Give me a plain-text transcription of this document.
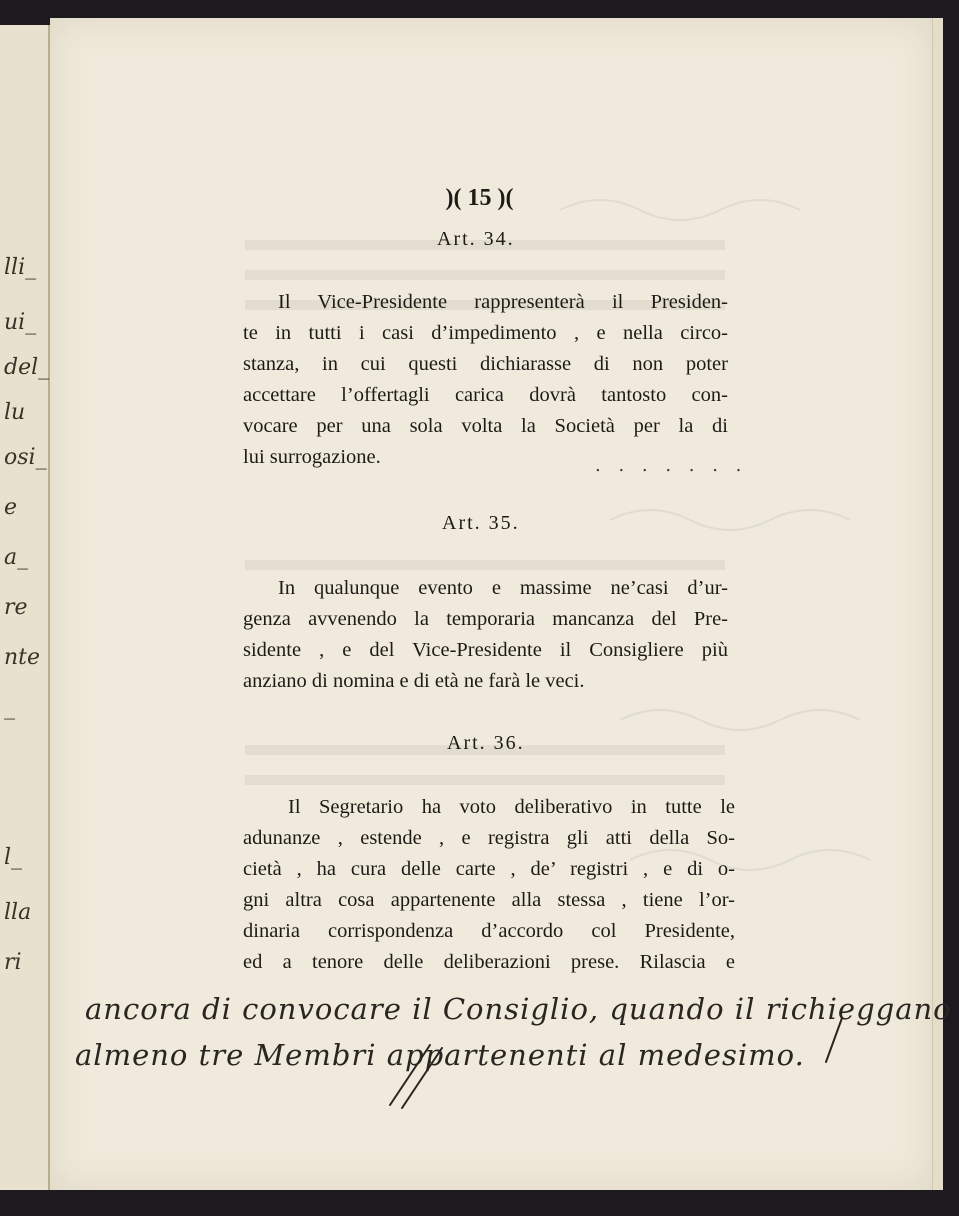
lli_
ui_
del_
lu
osi_
e
a_
re
nte
_
l_
lla
ri
)( 15 )(
Art. 34.
Il Vice-Presidente rappresenterà il Presiden-
te in tutti i casi d’impedimento , e nella circo-
stanza, in cui questi dichiarasse di non poter
accettare l’offertagli carica dovrà tantosto con-
vocare per una sola volta la Società per la di
lui surrogazione.	. . . . . . .
Art. 35.
In qualunque evento e massime ne’casi d’ur-
genza avvenendo la temporaria mancanza del Pre-
sidente , e del Vice-Presidente il Consigliere più
anziano di nomina e di età ne farà le veci.
Art. 36.
Il Segretario ha voto deliberativo in tutte le
adunanze , estende , e registra gli atti della So-
cietà , ha cura delle carte , de’ registri , e di o-
gni altra cosa appartenente alla stessa , tiene l’or-
dinaria corrispondenza d’accordo col Presidente,
ed a tenore delle deliberazioni prese. Rilascia e
ancora di convocare il Consiglio, quando il richieggano
almeno tre Membri appartenenti al medesimo.
